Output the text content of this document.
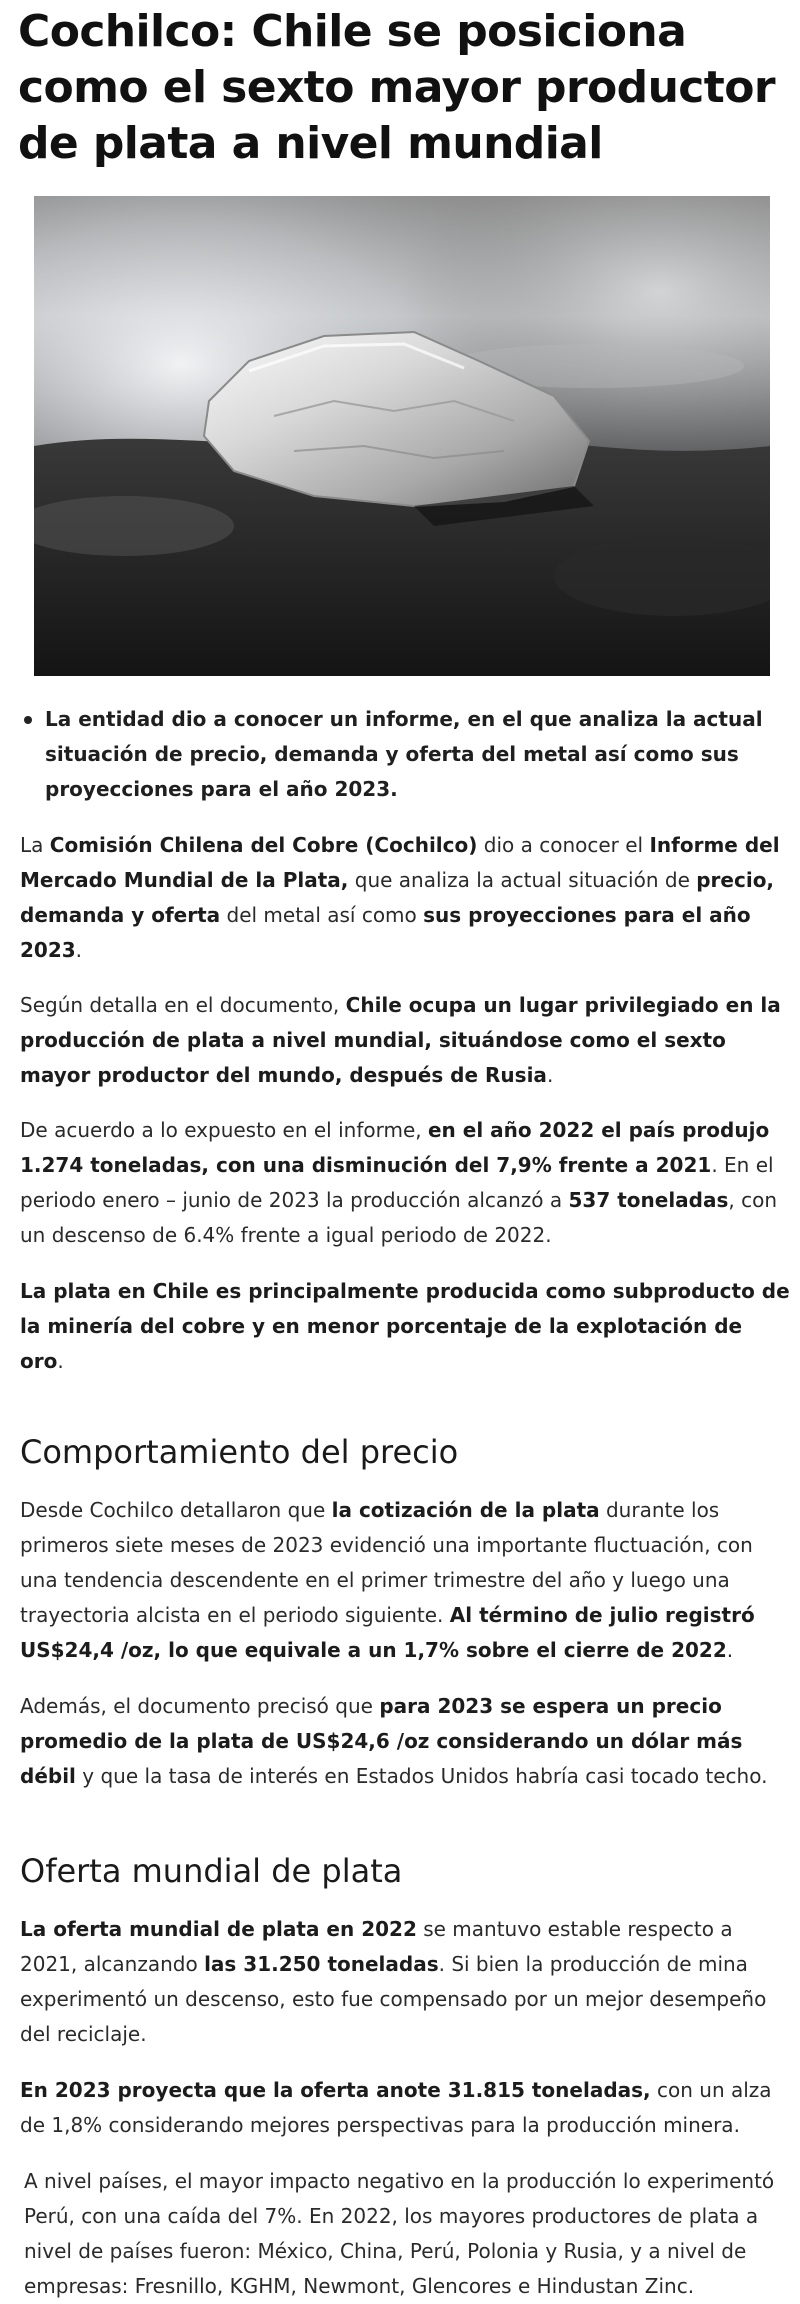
Cochilco: Chile se posiciona como el sexto mayor productor de plata a nivel mundial
La entidad dio a conocer un informe, en el que analiza la actual situación de precio, demanda y oferta del metal así como sus proyecciones para el año 2023.

La Comisión Chilena del Cobre (Cochilco) dio a conocer el Informe del Mercado Mundial de la Plata, que analiza la actual situación de precio, demanda y oferta del metal así como sus proyecciones para el año 2023.

Según detalla en el documento, Chile ocupa un lugar privilegiado en la producción de plata a nivel mundial, situándose como el sexto mayor productor del mundo, después de Rusia.

De acuerdo a lo expuesto en el informe, en el año 2022 el país produjo 1.274 toneladas, con una disminución del 7,9% frente a 2021. En el periodo enero – junio de 2023 la producción alcanzó a 537 toneladas, con un descenso de 6.4% frente a igual periodo de 2022.

La plata en Chile es principalmente producida como subproducto de la minería del cobre y en menor porcentaje de la explotación de oro.

Comportamiento del precio

Desde Cochilco detallaron que la cotización de la plata durante los primeros siete meses de 2023 evidenció una importante fluctuación, con una tendencia descendente en el primer trimestre del año y luego una trayectoria alcista en el periodo siguiente. Al término de julio registró US$24,4 /oz, lo que equivale a un 1,7% sobre el cierre de 2022.

Además, el documento precisó que para 2023 se espera un precio promedio de la plata de US$24,6 /oz considerando un dólar más débil y que la tasa de interés en Estados Unidos habría casi tocado techo.

Oferta mundial de plata

La oferta mundial de plata en 2022 se mantuvo estable respecto a 2021, alcanzando las 31.250 toneladas. Si bien la producción de mina experimentó un descenso, esto fue compensado por un mejor desempeño del reciclaje.

En 2023 proyecta que la oferta anote 31.815 toneladas, con un alza de 1,8% considerando mejores perspectivas para la producción minera.

A nivel países, el mayor impacto negativo en la producción lo experimentó Perú, con una caída del 7%. En 2022, los mayores productores de plata a nivel de países fueron: México, China, Perú, Polonia y Rusia, y a nivel de empresas: Fresnillo, KGHM, Newmont, Glencores e Hindustan Zinc.
